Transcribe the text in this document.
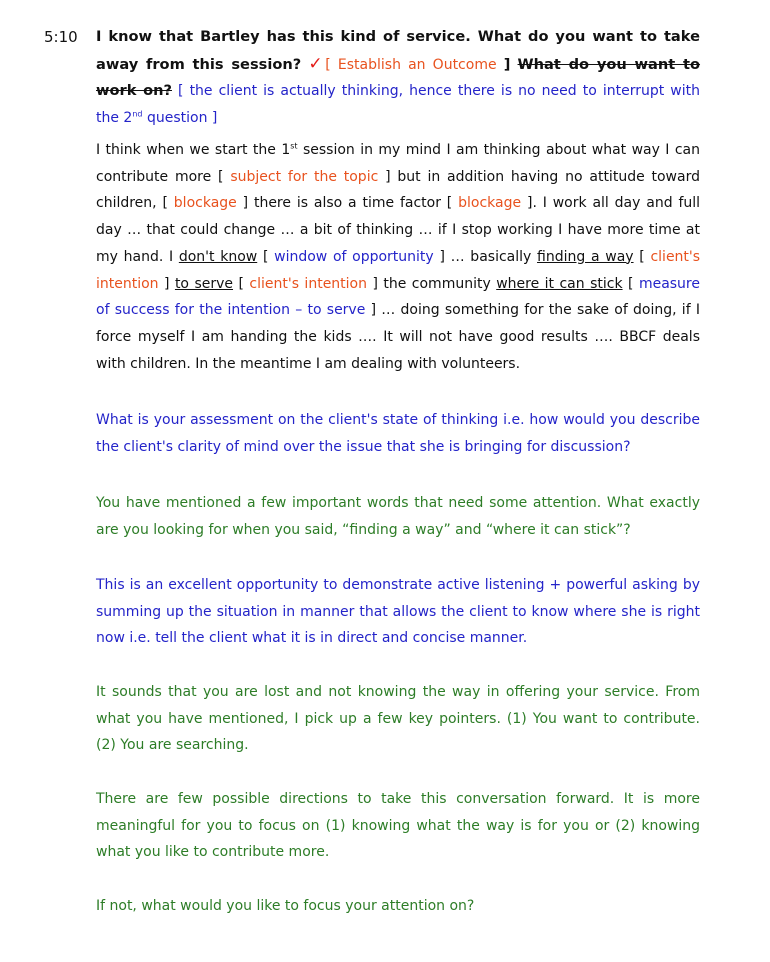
5:10 I know that Bartley has this kind of service. What do you want to take away from this session? ✓[ Establish an Outcome ] What do you want to work on? [ the client is actually thinking, hence there is no need to interrupt with the 2nd question ]

I think when we start the 1st session in my mind I am thinking about what way I can contribute more [ subject for the topic ] but in addition having no attitude toward children, [ blockage ] there is also a time factor [ blockage ]. I work all day and full day … that could change … a bit of thinking … if I stop working I have more time at my hand. I don't know [ window of opportunity ] … basically finding a way [ client's intention ] to serve [ client's intention ] the community where it can stick [ measure of success for the intention – to serve ] … doing something for the sake of doing, if I force myself I am handing the kids …. It will not have good results …. BBCF deals with children. In the meantime I am dealing with volunteers.

What is your assessment on the client's state of thinking i.e. how would you describe the client's clarity of mind over the issue that she is bringing for discussion?

You have mentioned a few important words that need some attention. What exactly are you looking for when you said, “finding a way” and “where it can stick”?

This is an excellent opportunity to demonstrate active listening + powerful asking by summing up the situation in manner that allows the client to know where she is right now i.e. tell the client what it is in direct and concise manner.

It sounds that you are lost and not knowing the way in offering your service. From what you have mentioned, I pick up a few key pointers. (1) You want to contribute. (2) You are searching.

There are few possible directions to take this conversation forward. It is more meaningful for you to focus on (1) knowing what the way is for you or (2) knowing what you like to contribute more.

If not, what would you like to focus your attention on?
